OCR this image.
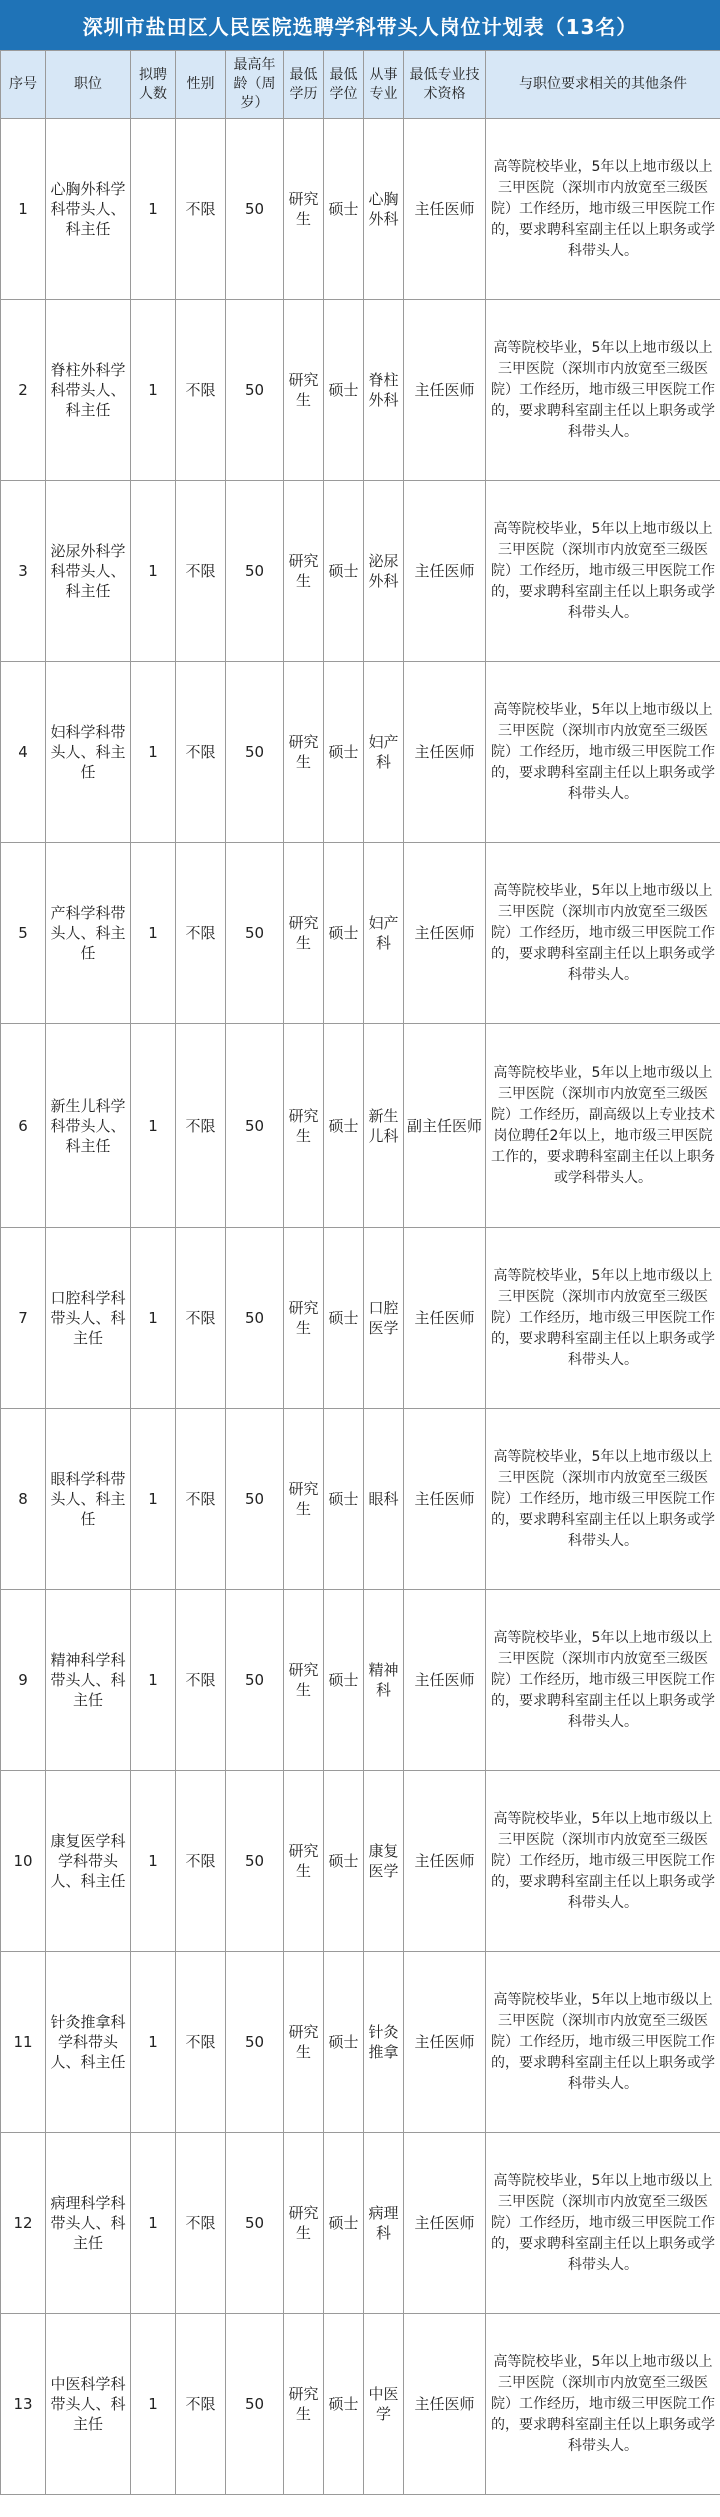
深圳市盐田区人民医院选聘学科带头人岗位计划表（13名）
序号	职位	拟聘人数	性别	最高年龄（周岁）	最低学历	最低学位	从事专业	最低专业技术资格	与职位要求相关的其他条件
1	心胸外科学科带头人、科主任	1	不限	50	研究生	硕士	心胸外科	主任医师	高等院校毕业，5年以上地市级以上三甲医院（深圳市内放宽至三级医院）工作经历，地市级三甲医院工作的，要求聘科室副主任以上职务或学科带头人。
2	脊柱外科学科带头人、科主任	1	不限	50	研究生	硕士	脊柱外科	主任医师	高等院校毕业，5年以上地市级以上三甲医院（深圳市内放宽至三级医院）工作经历，地市级三甲医院工作的，要求聘科室副主任以上职务或学科带头人。
3	泌尿外科学科带头人、科主任	1	不限	50	研究生	硕士	泌尿外科	主任医师	高等院校毕业，5年以上地市级以上三甲医院（深圳市内放宽至三级医院）工作经历，地市级三甲医院工作的，要求聘科室副主任以上职务或学科带头人。
4	妇科学科带头人、科主任	1	不限	50	研究生	硕士	妇产科	主任医师	高等院校毕业，5年以上地市级以上三甲医院（深圳市内放宽至三级医院）工作经历，地市级三甲医院工作的，要求聘科室副主任以上职务或学科带头人。
5	产科学科带头人、科主任	1	不限	50	研究生	硕士	妇产科	主任医师	高等院校毕业，5年以上地市级以上三甲医院（深圳市内放宽至三级医院）工作经历，地市级三甲医院工作的，要求聘科室副主任以上职务或学科带头人。
6	新生儿科学科带头人、科主任	1	不限	50	研究生	硕士	新生儿科	副主任医师	高等院校毕业，5年以上地市级以上三甲医院（深圳市内放宽至三级医院）工作经历，副高级以上专业技术岗位聘任2年以上，地市级三甲医院工作的，要求聘科室副主任以上职务或学科带头人。
7	口腔科学科带头人、科主任	1	不限	50	研究生	硕士	口腔医学	主任医师	高等院校毕业，5年以上地市级以上三甲医院（深圳市内放宽至三级医院）工作经历，地市级三甲医院工作的，要求聘科室副主任以上职务或学科带头人。
8	眼科学科带头人、科主任	1	不限	50	研究生	硕士	眼科	主任医师	高等院校毕业，5年以上地市级以上三甲医院（深圳市内放宽至三级医院）工作经历，地市级三甲医院工作的，要求聘科室副主任以上职务或学科带头人。
9	精神科学科带头人、科主任	1	不限	50	研究生	硕士	精神科	主任医师	高等院校毕业，5年以上地市级以上三甲医院（深圳市内放宽至三级医院）工作经历，地市级三甲医院工作的，要求聘科室副主任以上职务或学科带头人。
10	康复医学科学科带头人、科主任	1	不限	50	研究生	硕士	康复医学	主任医师	高等院校毕业，5年以上地市级以上三甲医院（深圳市内放宽至三级医院）工作经历，地市级三甲医院工作的，要求聘科室副主任以上职务或学科带头人。
11	针灸推拿科学科带头人、科主任	1	不限	50	研究生	硕士	针灸推拿	主任医师	高等院校毕业，5年以上地市级以上三甲医院（深圳市内放宽至三级医院）工作经历，地市级三甲医院工作的，要求聘科室副主任以上职务或学科带头人。
12	病理科学科带头人、科主任	1	不限	50	研究生	硕士	病理科	主任医师	高等院校毕业，5年以上地市级以上三甲医院（深圳市内放宽至三级医院）工作经历，地市级三甲医院工作的，要求聘科室副主任以上职务或学科带头人。
13	中医科学科带头人、科主任	1	不限	50	研究生	硕士	中医学	主任医师	高等院校毕业，5年以上地市级以上三甲医院（深圳市内放宽至三级医院）工作经历，地市级三甲医院工作的，要求聘科室副主任以上职务或学科带头人。
